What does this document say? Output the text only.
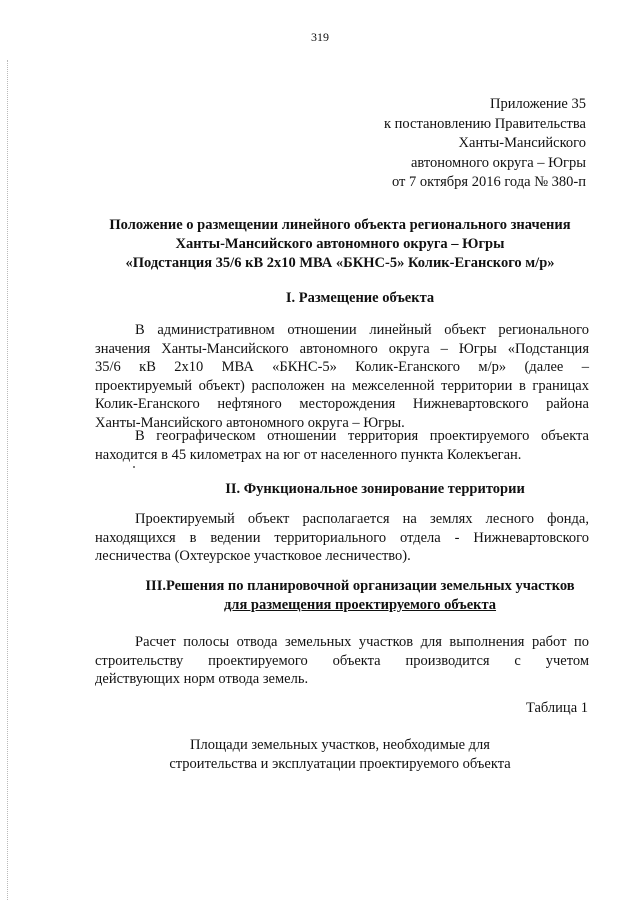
319
Приложение 35
к постановлению Правительства
Ханты-Мансийского
автономного округа – Югры
от 7 октября 2016 года № 380-п
Положение о размещении линейного объекта регионального значения
Ханты-Мансийского автономного округа – Югры
«Подстанция 35/6 кВ 2х10 МВА «БКНС-5» Колик-Еганского м/р»
I. Размещение объекта
В административном отношении линейный объект регионального
значения Ханты-Мансийского автономного округа – Югры «Подстанция
35/6 кВ 2х10 МВА «БКНС-5» Колик-Еганского м/р» (далее –
проектируемый объект) расположен на межселенной территории в границах
Колик-Еганского нефтяного месторождения Нижневартовского района
Ханты-Мансийского автономного округа – Югры.
В географическом отношении территория проектируемого объекта
находится в 45 километрах на юг от населенного пункта Колекъеган.
II. Функциональное зонирование территории
Проектируемый объект располагается на землях лесного фонда,
находящихся в ведении территориального отдела - Нижневартовского
лесничества (Охтеурское участковое лесничество).
III.Решения по планировочной организации земельных участков
для размещения проектируемого объекта
Расчет полосы отвода земельных участков для выполнения работ по
строительству проектируемого объекта производится с учетом
действующих норм отвода земель.
Таблица 1
Площади земельных участков, необходимые для
строительства и эксплуатации проектируемого объекта
